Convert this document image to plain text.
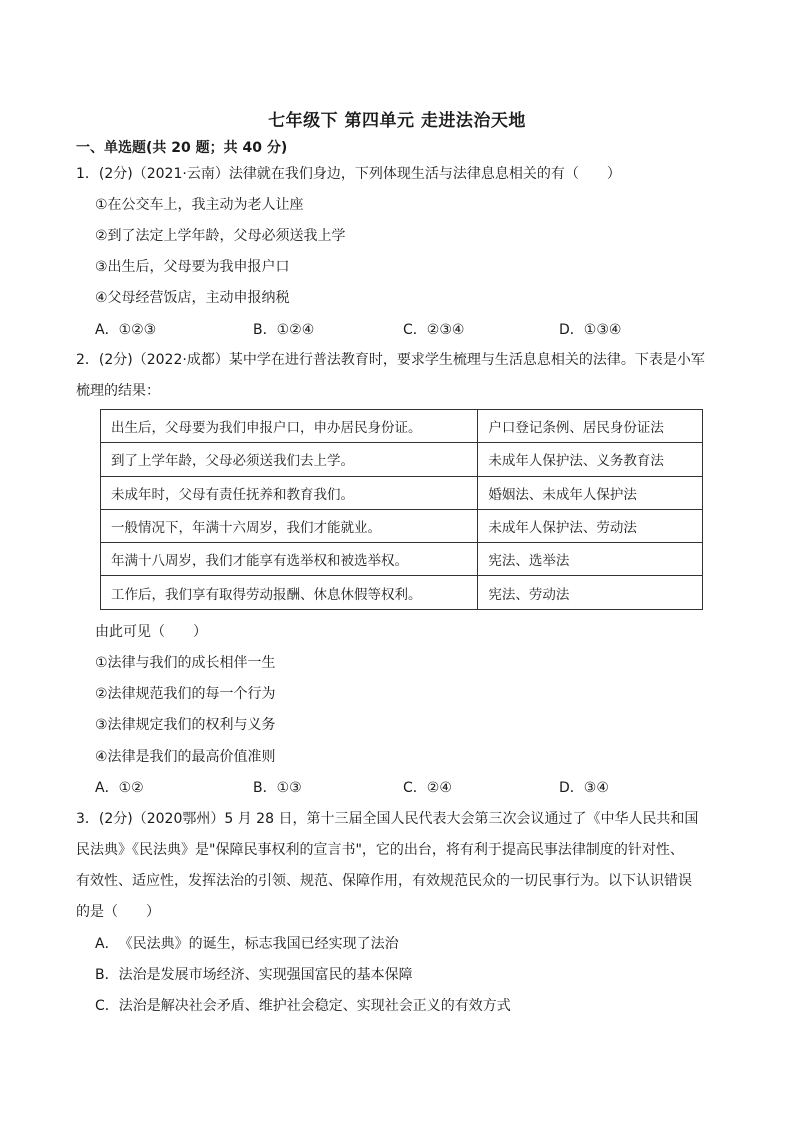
七年级下 第四单元 走进法治天地
一、单选题(共 20 题；共 40 分)
1．(2分)（2021·云南）法律就在我们身边，下列体现生活与法律息息相关的有（　　）
①在公交车上，我主动为老人让座
②到了法定上学年龄，父母必须送我上学
③出生后，父母要为我申报户口
④父母经营饭店，主动申报纳税
A．①②③	B．①②④	C．②③④	D．①③④
2．(2分)（2022·成都）某中学在进行普法教育时，要求学生梳理与生活息息相关的法律。下表是小军
梳理的结果：
出生后，父母要为我们申报户口，申办居民身份证。	户口登记条例、居民身份证法
到了上学年龄，父母必须送我们去上学。	未成年人保护法、义务教育法
未成年时，父母有责任抚养和教育我们。	婚姻法、未成年人保护法
一般情况下，年满十六周岁，我们才能就业。	未成年人保护法、劳动法
年满十八周岁，我们才能享有选举权和被选举权。	宪法、选举法
工作后，我们享有取得劳动报酬、休息休假等权利。	宪法、劳动法
由此可见（　　）
①法律与我们的成长相伴一生
②法律规范我们的每一个行为
③法律规定我们的权利与义务
④法律是我们的最高价值准则
A．①②	B．①③	C．②④	D．③④
3．(2分)（2020鄂州）5 月 28 日，第十三届全国人民代表大会第三次会议通过了《中华人民共和国
民法典》《民法典》是"保障民事权利的宣言书"，它的出台，将有利于提高民事法律制度的针对性、
有效性、适应性，发挥法治的引领、规范、保障作用，有效规范民众的一切民事行为。以下认识错误
的是（　　）
A．　《民法典》的诞生，标志我国已经实现了法治
B．法治是发展市场经济、实现强国富民的基本保障
C．法治是解决社会矛盾、维护社会稳定、实现社会正义的有效方式
